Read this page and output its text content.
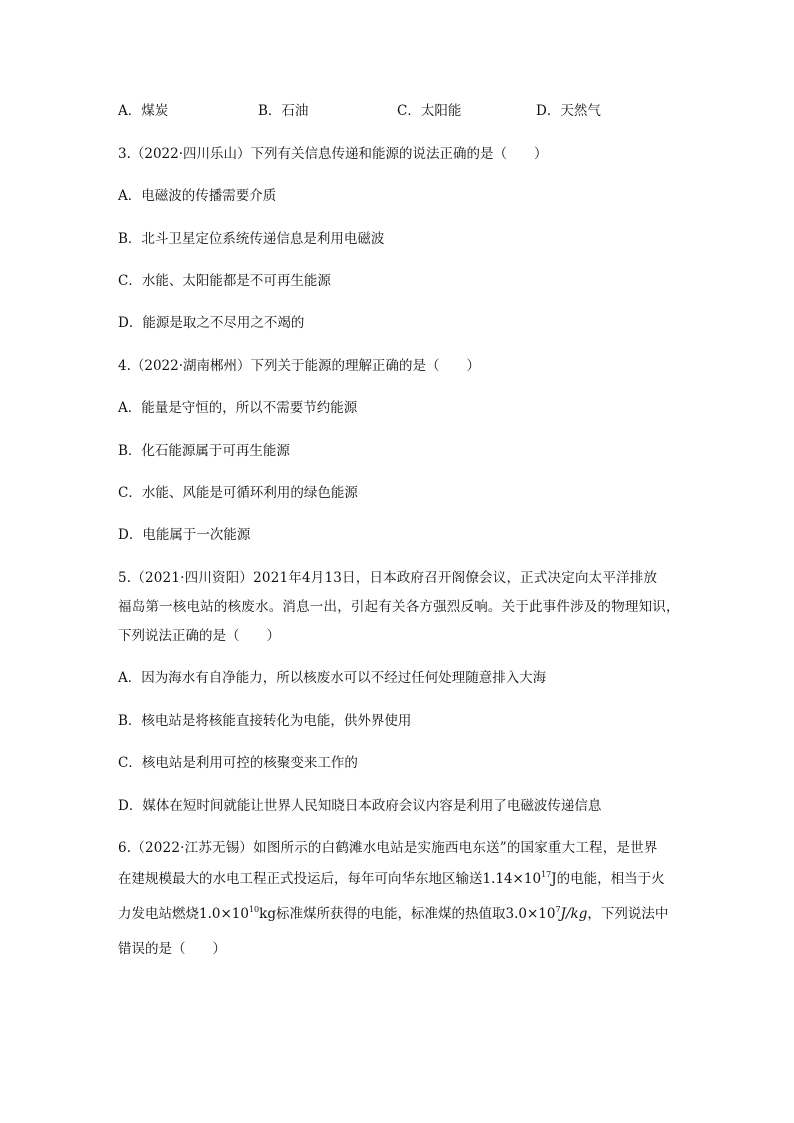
A．煤炭	B．石油	C．太阳能	D．天然气
3.（2022·四川乐山）下列有关信息传递和能源的说法正确的是（　　）
A．电磁波的传播需要介质
B．北斗卫星定位系统传递信息是利用电磁波
C．水能、太阳能都是不可再生能源
D．能源是取之不尽用之不竭的
4.（2022·湖南郴州）下列关于能源的理解正确的是（　　）
A．能量是守恒的，所以不需要节约能源
B．化石能源属于可再生能源
C．水能、风能是可循环利用的绿色能源
D．电能属于一次能源
5.（2021·四川资阳）2021年4月13日，日本政府召开阁僚会议，正式决定向太平洋排放
福岛第一核电站的核废水。消息一出，引起有关各方强烈反响。关于此事件涉及的物理知识，
下列说法正确的是（　　）
A．因为海水有自净能力，所以核废水可以不经过任何处理随意排入大海
B．核电站是将核能直接转化为电能，供外界使用
C．核电站是利用可控的核聚变来工作的
D．媒体在短时间就能让世界人民知晓日本政府会议内容是利用了电磁波传递信息
6.（2022·江苏无锡）如图所示的白鹤滩水电站是实施西电东送”的国家重大工程，是世界
在建规模最大的水电工程正式投运后，每年可向华东地区输送$1.14\times 10^{17}J$的电能，相当于火
力发电站燃烧$1.0\times 10^{10}kg$标准煤所获得的电能，标准煤的热值取$3.0\times 10^7J/kg$，下列说法中
错误的是（　　）
